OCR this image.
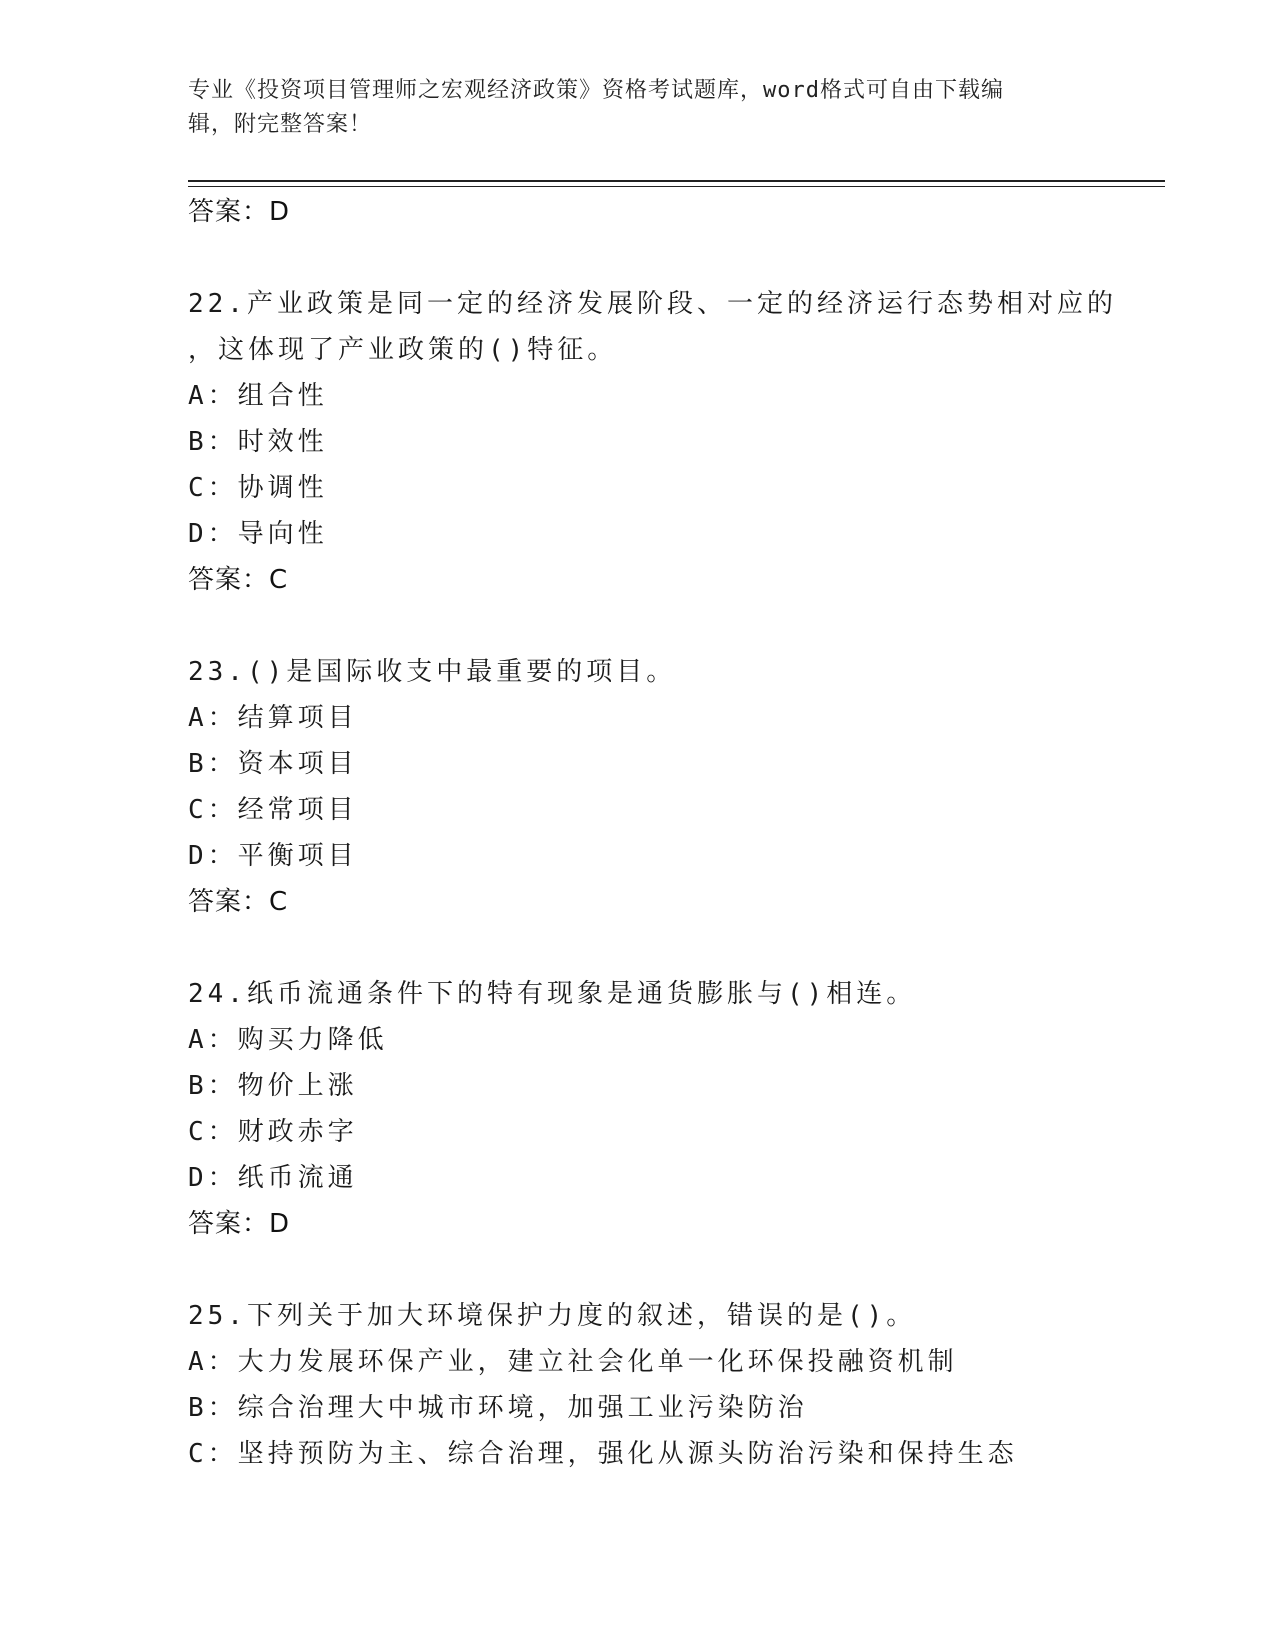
专业《投资项目管理师之宏观经济政策》资格考试题库，word格式可自由下载编
辑，附完整答案！
答案：D
22.产业政策是同一定的经济发展阶段、一定的经济运行态势相对应的
，这体现了产业政策的()特征。
A：组合性
B：时效性
C：协调性
D：导向性
答案：C
23.()是国际收支中最重要的项目。
A：结算项目
B：资本项目
C：经常项目
D：平衡项目
答案：C
24.纸币流通条件下的特有现象是通货膨胀与()相连。
A：购买力降低
B：物价上涨
C：财政赤字
D：纸币流通
答案：D
25.下列关于加大环境保护力度的叙述，错误的是()。
A：大力发展环保产业，建立社会化单一化环保投融资机制
B：综合治理大中城市环境，加强工业污染防治
C：坚持预防为主、综合治理，强化从源头防治污染和保持生态
